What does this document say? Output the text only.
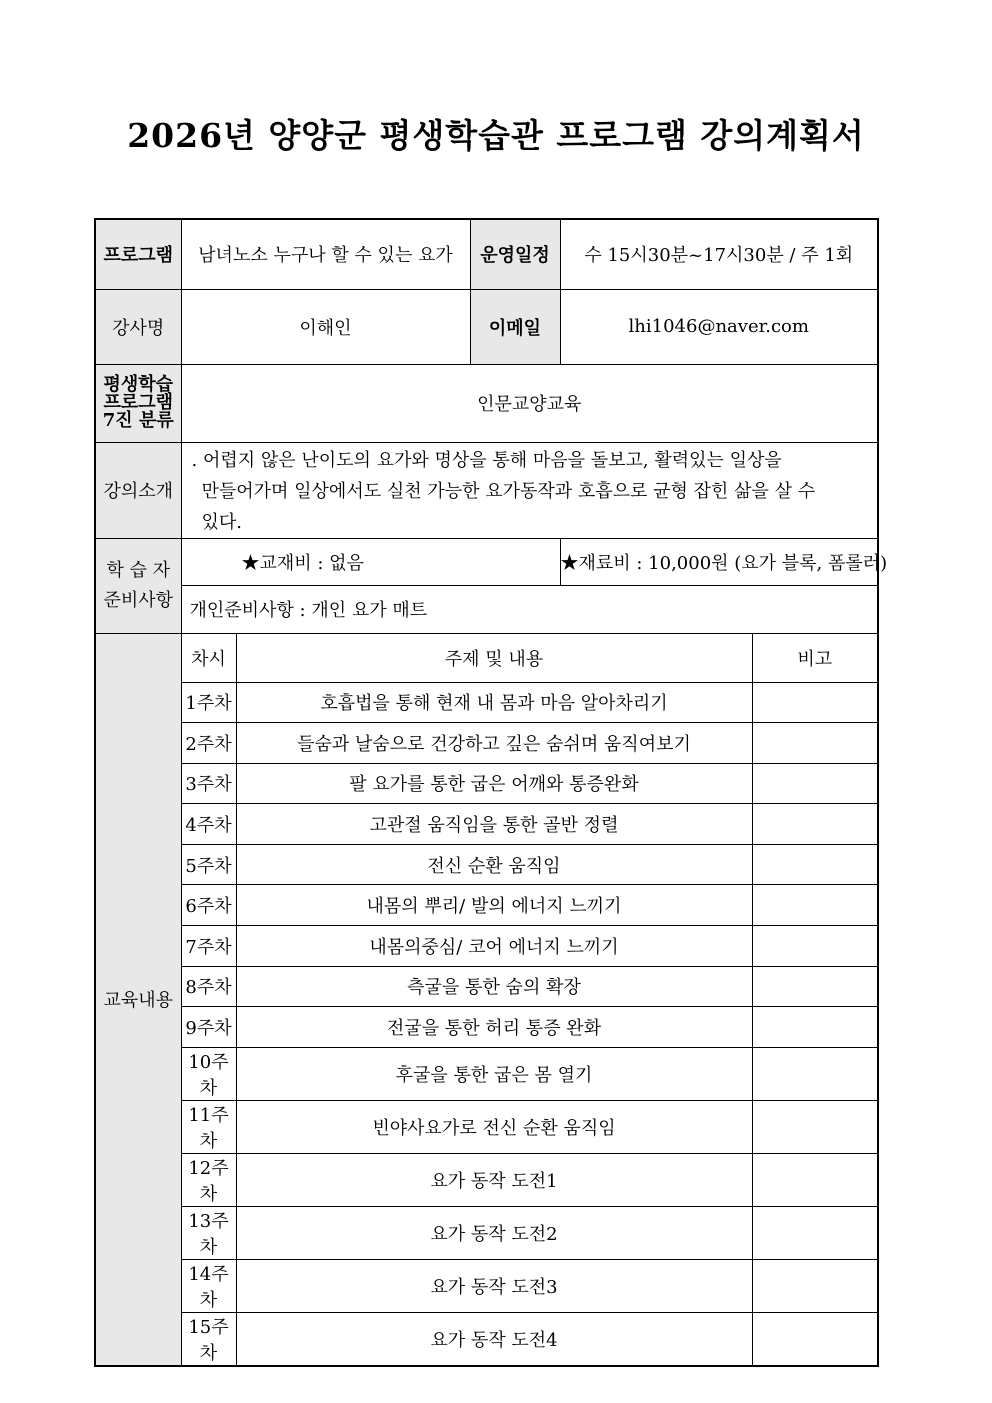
2026년 양양군 평생학습관 프로그램 강의계획서
프로그램	남녀노소 누구나 할 수 있는 요가		운영일정	수 15시30분~17시30분 / 주 1회	
강사명	이해인		이메일	lhi1046@naver.com	

평생학습
프로그램
7진 분류	인문교양교육				
강의소개	. 어렵지 않은 난이도의 요가와 명상을 통해 마음을 돌보고, 활력있는 일상을
만들어가며 일상에서도 실천 가능한 요가동작과 호흡으로 균형 잡힌 삶을 살 수
있다.				

학 습 자
준비사항	★교재비 : 없음			★재료비 : 10,000원 (요가 블록, 폼롤러)	
	개인준비사항 : 개인 요가 매트				
교육내용	차시	주제 및 내용			비고
	1주차	호흡법을 통해 현재 내 몸과 마음 알아차리기			
	2주차	들숨과 날숨으로 건강하고 깊은 숨쉬며 움직여보기			
	3주차	팔 요가를 통한 굽은 어깨와 통증완화			
	4주차	고관절 움직임을 통한 골반 정렬			
	5주차	전신 순환 움직임			
	6주차	내몸의 뿌리/ 발의 에너지 느끼기			
	7주차	내몸의중심/ 코어 에너지 느끼기			
	8주차	측굴을 통한 숨의 확장			
	9주차	전굴을 통한 허리 통증 완화			
	10주차	후굴을 통한 굽은 몸 열기			
	11주차	빈야사요가로 전신 순환 움직임			
	12주차	요가 동작 도전1			
	13주차	요가 동작 도전2			
	14주차	요가 동작 도전3			
	15주차	요가 동작 도전4			
